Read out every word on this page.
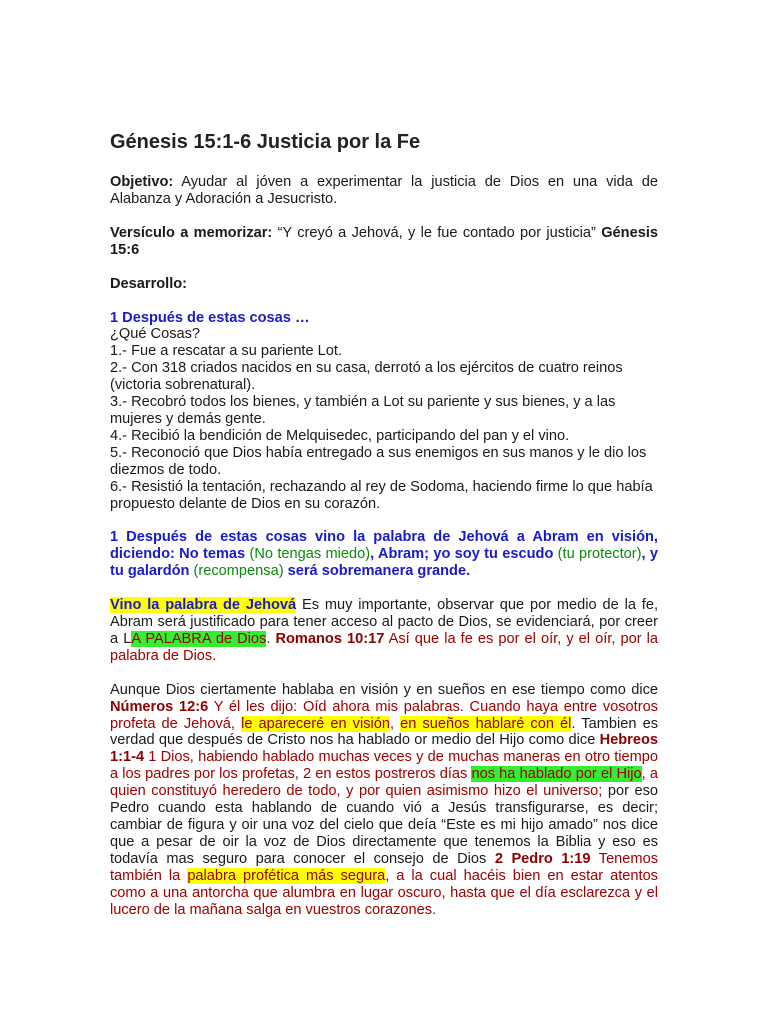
Génesis 15:1-6 Justicia por la Fe

Objetivo: Ayudar al jóven a experimentar la justicia de Dios en una vida de Alabanza y Adoración a Jesucristo.

Versículo a memorizar: “Y creyó a Jehová, y le fue contado por justicia” Génesis 15:6

Desarrollo:

1 Después de estas cosas …
¿Qué Cosas?
1.- Fue a rescatar a su pariente Lot.
2.- Con 318 criados nacidos en su casa, derrotó a los ejércitos de cuatro reinos (victoria sobrenatural).
3.- Recobró todos los bienes, y también a Lot su pariente y sus bienes, y a las mujeres y demás gente.
4.- Recibió la bendición de Melquisedec, participando del pan y el vino.
5.- Reconoció que Dios había entregado a sus enemigos en sus manos y le dio los diezmos de todo.
6.- Resistió la tentación, rechazando al rey de Sodoma, haciendo firme lo que había propuesto delante de Dios en su corazón.

1 Después de estas cosas vino la palabra de Jehová a Abram en visión, diciendo: No temas (No tengas miedo), Abram; yo soy tu escudo (tu protector), y tu galardón (recompensa) será sobremanera grande.

Vino la palabra de Jehová Es muy importante, observar que por medio de la fe, Abram será justificado para tener acceso al pacto de Dios, se evidenciará, por creer a LA PALABRA de Dios. Romanos 10:17 Así que la fe es por el oír, y el oír, por la palabra de Dios.

Aunque Dios ciertamente hablaba en visión y en sueños en ese tiempo como dice Números 12:6 Y él les dijo: Oíd ahora mis palabras. Cuando haya entre vosotros profeta de Jehová, le apareceré en visión, en sueños hablaré con él. Tambien es verdad que después de Cristo nos ha hablado or medio del Hijo como dice Hebreos 1:1-4 1 Dios, habiendo hablado muchas veces y de muchas maneras en otro tiempo a los padres por los profetas, 2 en estos postreros días nos ha hablado por el Hijo, a quien constituyó heredero de todo, y por quien asimismo hizo el universo; por eso Pedro cuando esta hablando de cuando vió a Jesús transfigurarse, es decir; cambiar de figura y oir una voz del cielo que deía “Este es mi hijo amado” nos dice que a pesar de oir la voz de Dios directamente que tenemos la Biblia y eso es todavía mas seguro para conocer el consejo de Dios 2 Pedro 1:19 Tenemos también la palabra profética más segura, a la cual hacéis bien en estar atentos como a una antorcha que alumbra en lugar oscuro, hasta que el día esclarezca y el lucero de la mañana salga en vuestros corazones.
